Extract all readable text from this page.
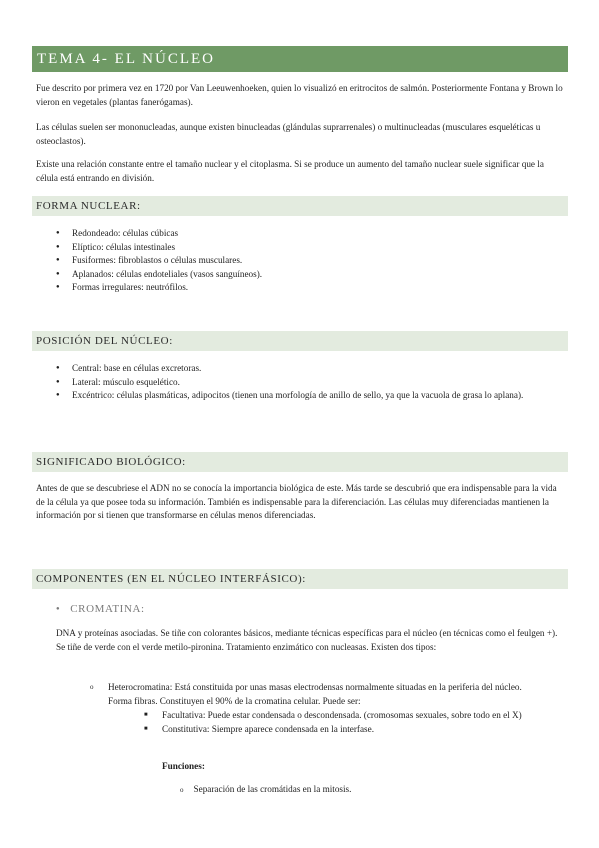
TEMA 4- EL NÚCLEO

Fue descrito por primera vez en 1720 por Van Leeuwenhoeken, quien lo visualizó en eritrocitos de salmón. Posteriormente Fontana y Brown lo vieron en vegetales (plantas fanerógamas).

Las células suelen ser mononucleadas, aunque existen binucleadas (glándulas suprarrenales) o multinucleadas (musculares esqueléticas u osteoclastos).

Existe una relación constante entre el tamaño nuclear y el citoplasma. Si se produce un aumento del tamaño nuclear suele significar que la célula está entrando en división.

FORMA NUCLEAR:
● Redondeado: células cúbicas
● Elíptico: células intestinales
● Fusiformes: fibroblastos o células musculares.
● Aplanados: células endoteliales (vasos sanguíneos).
● Formas irregulares: neutrófilos.
POSICIÓN DEL NÚCLEO:
● Central: base en células excretoras.
● Lateral: músculo esquelético.
● Excéntrico: células plasmáticas, adipocitos (tienen una morfología de anillo de sello, ya que la vacuola de grasa lo aplana).
SIGNIFICADO BIOLÓGICO:

Antes de que se descubriese el ADN no se conocía la importancia biológica de este. Más tarde se descubrió que era indispensable para la vida de la célula ya que posee toda su información. También es indispensable para la diferenciación. Las células muy diferenciadas mantienen la información por si tienen que transformarse en células menos diferenciadas.

COMPONENTES (EN EL NÚCLEO INTERFÁSICO):
● CROMATINA:

DNA y proteínas asociadas. Se tiñe con colorantes básicos, mediante técnicas específicas para el núcleo (en técnicas como el feulgen +). Se tiñe de verde con el verde metilo-pironina. Tratamiento enzimático con nucleasas. Existen dos tipos:

o Heterocromatina: Está constituida por unas masas electrodensas normalmente situadas en la periferia del núcleo. Forma fibras. Constituyen el 90% de la cromatina celular. Puede ser:
■ Facultativa: Puede estar condensada o descondensada. (cromosomas sexuales, sobre todo en el X)
■ Constitutiva: Siempre aparece condensada en la interfase.
Funciones:
o Separación de las cromátidas en la mitosis.
